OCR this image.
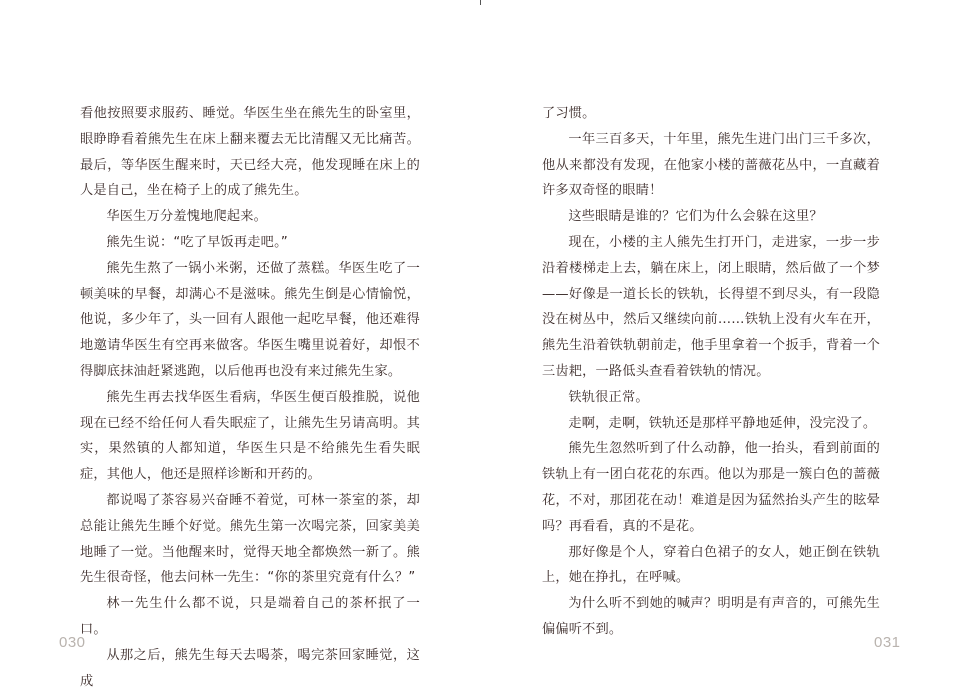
看他按照要求服药、睡觉。华医生坐在熊先生的卧室里，眼睁睁看着熊先生在床上翻来覆去无比清醒又无比痛苦。最后，等华医生醒来时，天已经大亮，他发现睡在床上的人是自己，坐在椅子上的成了熊先生。

华医生万分羞愧地爬起来。

熊先生说：“吃了早饭再走吧。”

熊先生熬了一锅小米粥，还做了蒸糕。华医生吃了一顿美味的早餐，却满心不是滋味。熊先生倒是心情愉悦，他说，多少年了，头一回有人跟他一起吃早餐，他还难得地邀请华医生有空再来做客。华医生嘴里说着好，却恨不得脚底抹油赶紧逃跑，以后他再也没有来过熊先生家。

熊先生再去找华医生看病，华医生便百般推脱，说他现在已经不给任何人看失眠症了，让熊先生另请高明。其实，果然镇的人都知道，华医生只是不给熊先生看失眠症，其他人，他还是照样诊断和开药的。

都说喝了茶容易兴奋睡不着觉，可林一茶室的茶，却总能让熊先生睡个好觉。熊先生第一次喝完茶，回家美美地睡了一觉。当他醒来时，觉得天地全都焕然一新了。熊先生很奇怪，他去问林一先生：“你的茶里究竟有什么？”

林一先生什么都不说，只是端着自己的茶杯抿了一口。

从那之后，熊先生每天去喝茶，喝完茶回家睡觉，这成

了习惯。

一年三百多天，十年里，熊先生进门出门三千多次，他从来都没有发现，在他家小楼的蔷薇花丛中，一直藏着许多双奇怪的眼睛！

这些眼睛是谁的？它们为什么会躲在这里？

现在，小楼的主人熊先生打开门，走进家，一步一步沿着楼梯走上去，躺在床上，闭上眼睛，然后做了一个梦——好像是一道长长的铁轨，长得望不到尽头，有一段隐没在树丛中，然后又继续向前……铁轨上没有火车在开，熊先生沿着铁轨朝前走，他手里拿着一个扳手，背着一个三齿耙，一路低头查看着铁轨的情况。

铁轨很正常。

走啊，走啊，铁轨还是那样平静地延伸，没完没了。

熊先生忽然听到了什么动静，他一抬头，看到前面的铁轨上有一团白花花的东西。他以为那是一簇白色的蔷薇花，不对，那团花在动！难道是因为猛然抬头产生的眩晕吗？再看看，真的不是花。

那好像是个人，穿着白色裙子的女人，她正倒在铁轨上，她在挣扎，在呼喊。

为什么听不到她的喊声？明明是有声音的，可熊先生偏偏听不到。

030	031
